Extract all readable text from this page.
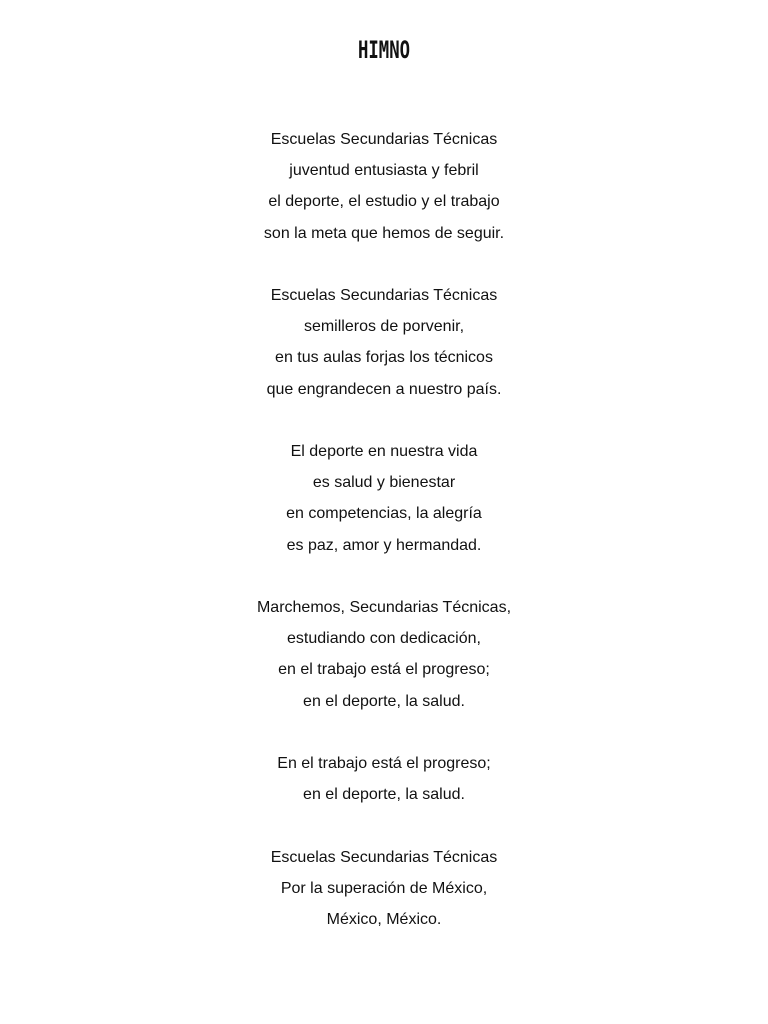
HIMNO
Escuelas Secundarias Técnicas
juventud entusiasta y febril
el deporte, el estudio y el trabajo
son la meta que hemos de seguir.
Escuelas Secundarias Técnicas
semilleros de porvenir,
en tus aulas forjas los técnicos
que engrandecen a nuestro país.
El deporte en nuestra vida
es salud y bienestar
en competencias, la alegría
es paz, amor y hermandad.
Marchemos, Secundarias Técnicas,
estudiando con dedicación,
en el trabajo está el progreso;
en el deporte, la salud.
En el trabajo está el progreso;
en el deporte, la salud.
Escuelas Secundarias Técnicas
Por la superación de México,
México, México.
